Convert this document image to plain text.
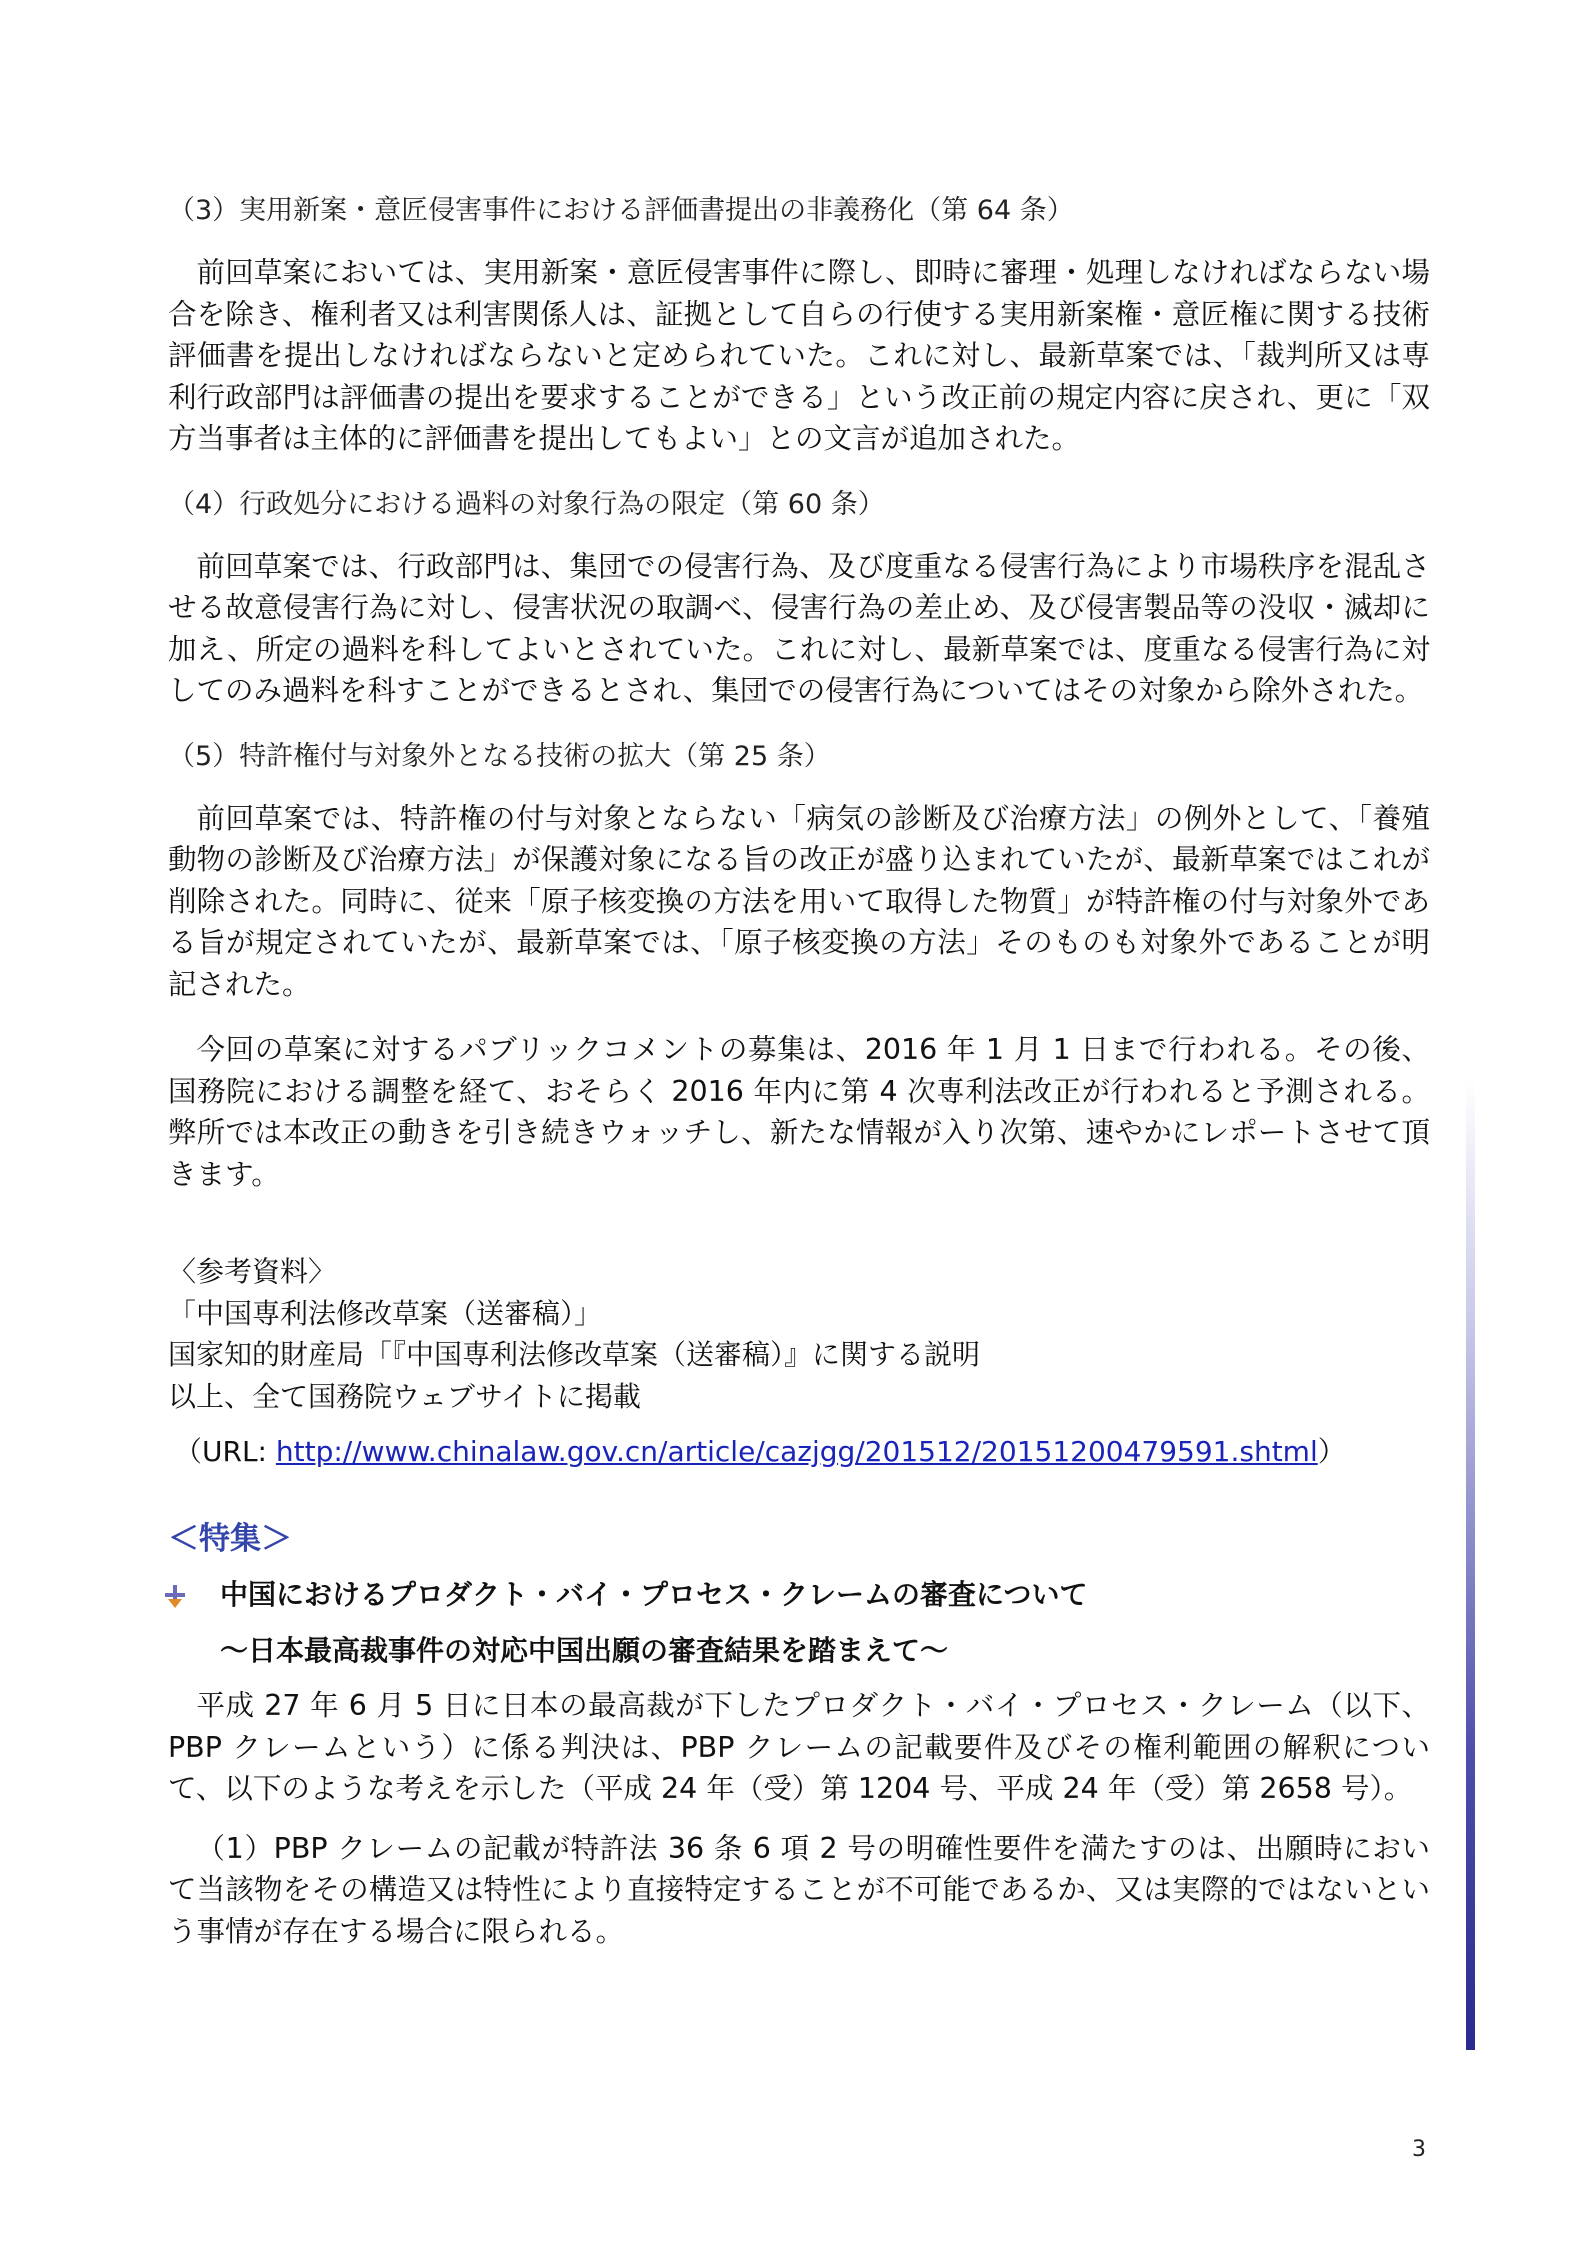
（3）実用新案・意匠侵害事件における評価書提出の非義務化（第 64 条）

前回草案においては、実用新案・意匠侵害事件に際し、即時に審理・処理しなければならない場合を除き、権利者又は利害関係人は、証拠として自らの行使する実用新案権・意匠権に関する技術評価書を提出しなければならないと定められていた。これに対し、最新草案では、「裁判所又は専利行政部門は評価書の提出を要求することができる」という改正前の規定内容に戻され、更に「双方当事者は主体的に評価書を提出してもよい」との文言が追加された。

（4）行政処分における過料の対象行為の限定（第 60 条）

前回草案では、行政部門は、集団での侵害行為、及び度重なる侵害行為により市場秩序を混乱させる故意侵害行為に対し、侵害状況の取調べ、侵害行為の差止め、及び侵害製品等の没収・滅却に加え、所定の過料を科してよいとされていた。これに対し、最新草案では、度重なる侵害行為に対してのみ過料を科すことができるとされ、集団での侵害行為についてはその対象から除外された。

（5）特許権付与対象外となる技術の拡大（第 25 条）

前回草案では、特許権の付与対象とならない「病気の診断及び治療方法」の例外として、「養殖動物の診断及び治療方法」が保護対象になる旨の改正が盛り込まれていたが、最新草案ではこれが削除された。同時に、従来「原子核変換の方法を用いて取得した物質」が特許権の付与対象外である旨が規定されていたが、最新草案では、「原子核変換の方法」そのものも対象外であることが明記された。

今回の草案に対するパブリックコメントの募集は、2016 年 1 月 1 日まで行われる。その後、国務院における調整を経て、おそらく 2016 年内に第 4 次専利法改正が行われると予測される。弊所では本改正の動きを引き続きウォッチし、新たな情報が入り次第、速やかにレポートさせて頂きます。

〈参考資料〉
「中国専利法修改草案（送審稿）」
国家知的財産局「『中国専利法修改草案（送審稿）』に関する説明
以上、全て国務院ウェブサイトに掲載
（URL: http://www.chinalaw.gov.cn/article/cazjgg/201512/20151200479591.shtml）
＜特集＞
中国におけるプロダクト・バイ・プロセス・クレームの審査について
～日本最高裁事件の対応中国出願の審査結果を踏まえて～

平成 27 年 6 月 5 日に日本の最高裁が下したプロダクト・バイ・プロセス・クレーム（以下、PBP クレームという）に係る判決は、PBP クレームの記載要件及びその権利範囲の解釈について、以下のような考えを示した（平成 24 年（受）第 1204 号、平成 24 年（受）第 2658 号）。

（1）PBP クレームの記載が特許法 36 条 6 項 2 号の明確性要件を満たすのは、出願時において当該物をその構造又は特性により直接特定することが不可能であるか、又は実際的ではないという事情が存在する場合に限られる。

3
